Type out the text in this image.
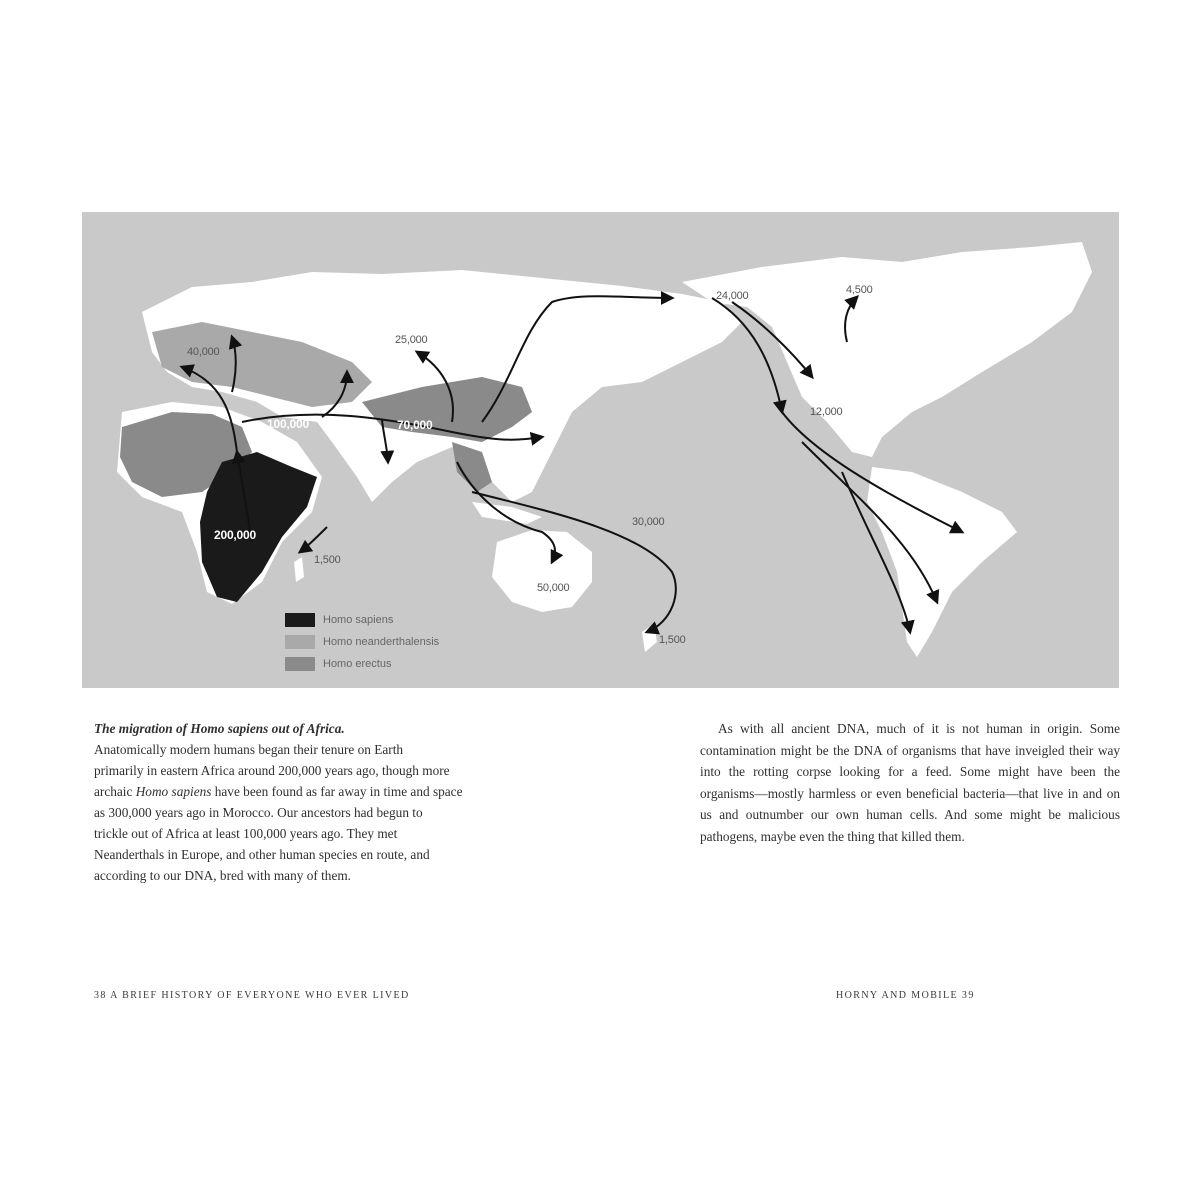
200,000
100,000
40,000
70,000
25,000
24,000	4,500
12,000
30,000
50,000
1,500
1,500
Homo sapiens
Homo neanderthalensis
Homo erectus
The migration of Homo sapiens out of Africa.
Anatomically modern humans began their tenure on Earth
primarily in eastern Africa around 200,000 years ago, though more
archaic Homo sapiens have been found as far away in time and space
as 300,000 years ago in Morocco. Our ancestors had begun to
trickle out of Africa at least 100,000 years ago. They met
Neanderthals in Europe, and other human species en route, and
according to our DNA, bred with many of them.

As with all ancient DNA, much of it is not human in origin. Some contamination might be the DNA of organisms that have inveigled their way into the rotting corpse looking for a feed. Some might have been the organisms—mostly harmless or even beneficial bacteria—that live in and on us and outnumber our own human cells. And some might be malicious pathogens, maybe even the thing that killed them.

38 A BRIEF HISTORY OF EVERYONE WHO EVER LIVED	HORNY AND MOBILE 39
